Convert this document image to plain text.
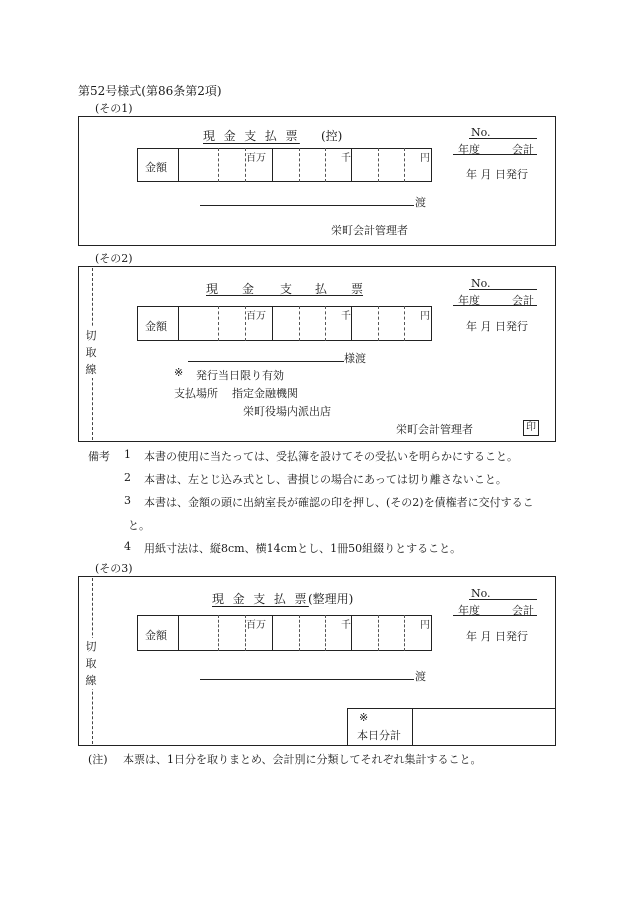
第52号様式(第86条第2項)
(その1)
現 金 支 払 票 (控)	No.
年度	会計
年 月 日発行
金額
百万	千	円
渡
栄町会計管理者
(その2)
切
取
線
現 金 支 払 票	No.
年度	会計
年 月 日発行
金額
百万	千	円
様渡
※ 発行当日限り有効
支払場所 指定金融機関
栄町役場内派出店
栄町会計管理者	印
備考 1 本書の使用に当たっては、受払簿を設けてその受払いを明らかにすること。
2 本書は、左とじ込み式とし、書損じの場合にあっては切り離さないこと。
3 本書は、金額の頭に出納室長が確認の印を押し、(その2)を債権者に交付するこ
と。
4 用紙寸法は、縦8cm、横14cmとし、1冊50組綴りとすること。
(その3)
切
取
線
現 金 支 払 票 (整理用)	No.
年度	会計
年 月 日発行
金額
百万	千	円
渡
※
本日分計
(注) 本票は、1日分を取りまとめ、会計別に分類してそれぞれ集計すること。
